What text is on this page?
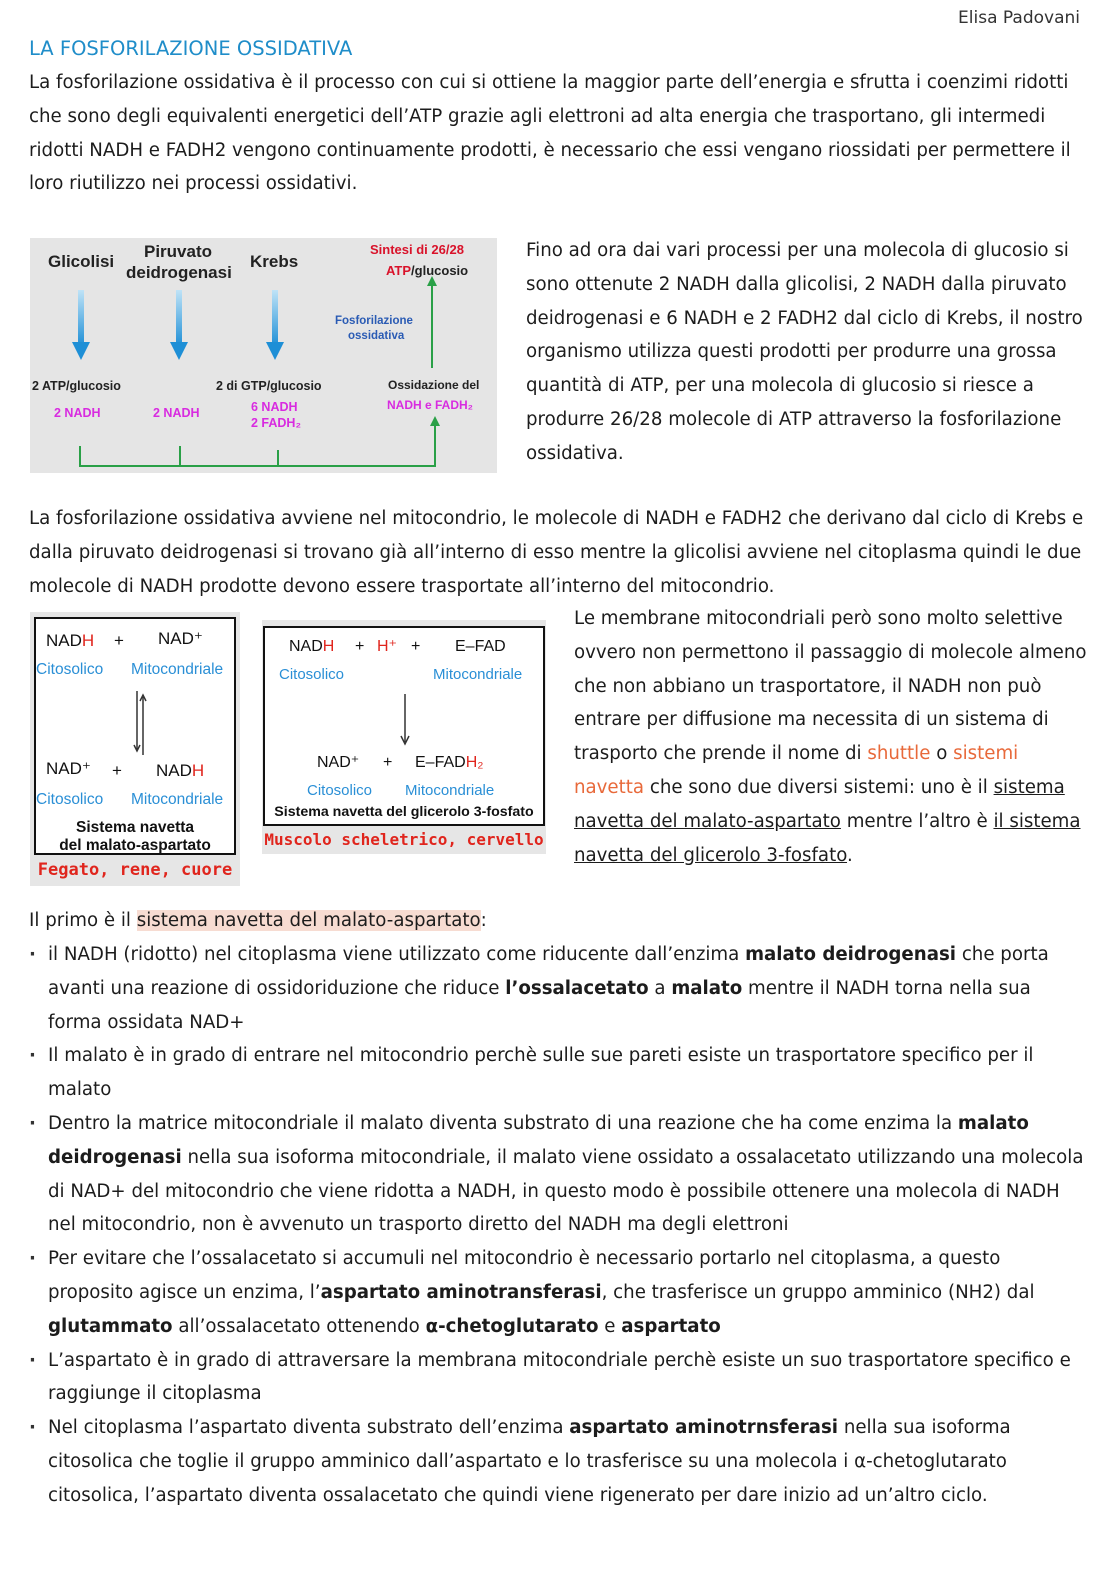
Elisa Padovani
LA FOSFORILAZIONE OSSIDATIVA
La fosforilazione ossidativa è il processo con cui si ottiene la maggior parte dell’energia e sfrutta i coenzimi ridotti che sono degli equivalenti energetici dell’ATP grazie agli elettroni ad alta energia che trasportano, gli intermedi ridotti NADH e FADH2 vengono continuamente prodotti, è necessario che essi vengano riossidati per permettere il loro riutilizzo nei processi ossidativi.
Glicolisi
Piruvato
deidrogenasi
Krebs
Sintesi di 26/28
ATP/glucosio
Fosforilazione
ossidativa
2 ATP/glucosio	2 di GTP/glucosio	Ossidazione del
NADH e FADH₂
2 NADH	2 NADH	6 NADH
2 FADH₂
Fino ad ora dai vari processi per una molecola di glucosio si sono ottenute 2 NADH dalla glicolisi, 2 NADH dalla piruvato deidrogenasi e 6 NADH e 2 FADH2 dal ciclo di Krebs, il nostro organismo utilizza questi prodotti per produrre una grossa quantità di ATP, per una molecola di glucosio si riesce a produrre 26/28 molecole di ATP attraverso la fosforilazione ossidativa.
La fosforilazione ossidativa avviene nel mitocondrio, le molecole di NADH e FADH2 che derivano dal ciclo di Krebs e dalla piruvato deidrogenasi si trovano già all’interno di esso mentre la glicolisi avviene nel citoplasma quindi le due molecole di NADH prodotte devono essere trasportate all’interno del mitocondrio.
NADH + NAD⁺
Citosolico Mitocondriale
NAD⁺ + NADH
Citosolico Mitocondriale
Sistema navetta
del malato-aspartato
Fegato, rene, cuore
NADH + H⁺ + E–FAD
Citosolico	Mitocondriale
NAD⁺ + E–FADH₂
Citosolico Mitocondriale
Sistema navetta del glicerolo 3-fosfato
Muscolo scheletrico, cervello
Le membrane mitocondriali però sono molto selettive ovvero non permettono il passaggio di molecole almeno che non abbiano un trasportatore, il NADH non può entrare per diffusione ma necessita di un sistema di trasporto che prende il nome di shuttle o sistemi navetta che sono due diversi sistemi: uno è il sistema navetta del malato-aspartato mentre l’altro è il sistema navetta del glicerolo 3-fosfato.
Il primo è il sistema navetta del malato-aspartato:
· il NADH (ridotto) nel citoplasma viene utilizzato come riducente dall’enzima malato deidrogenasi che porta avanti una reazione di ossidoriduzione che riduce l’ossalacetato a malato mentre il NADH torna nella sua forma ossidata NAD+
· Il malato è in grado di entrare nel mitocondrio perchè sulle sue pareti esiste un trasportatore specifico per il malato
· Dentro la matrice mitocondriale il malato diventa substrato di una reazione che ha come enzima la malato deidrogenasi nella sua isoforma mitocondriale, il malato viene ossidato a ossalacetato utilizzando una molecola di NAD+ del mitocondrio che viene ridotta a NADH, in questo modo è possibile ottenere una molecola di NADH nel mitocondrio, non è avvenuto un trasporto diretto del NADH ma degli elettroni
· Per evitare che l’ossalacetato si accumuli nel mitocondrio è necessario portarlo nel citoplasma, a questo proposito agisce un enzima, l’aspartato aminotransferasi, che trasferisce un gruppo amminico (NH2) dal glutammato all’ossalacetato ottenendo α-chetoglutarato e aspartato
· L’aspartato è in grado di attraversare la membrana mitocondriale perchè esiste un suo trasportatore specifico e raggiunge il citoplasma
· Nel citoplasma l’aspartato diventa substrato dell’enzima aspartato aminotrnsferasi nella sua isoforma citosolica che toglie il gruppo amminico dall’aspartato e lo trasferisce su una molecola i α-chetoglutarato citosolica, l’aspartato diventa ossalacetato che quindi viene rigenerato per dare inizio ad un’altro ciclo.
